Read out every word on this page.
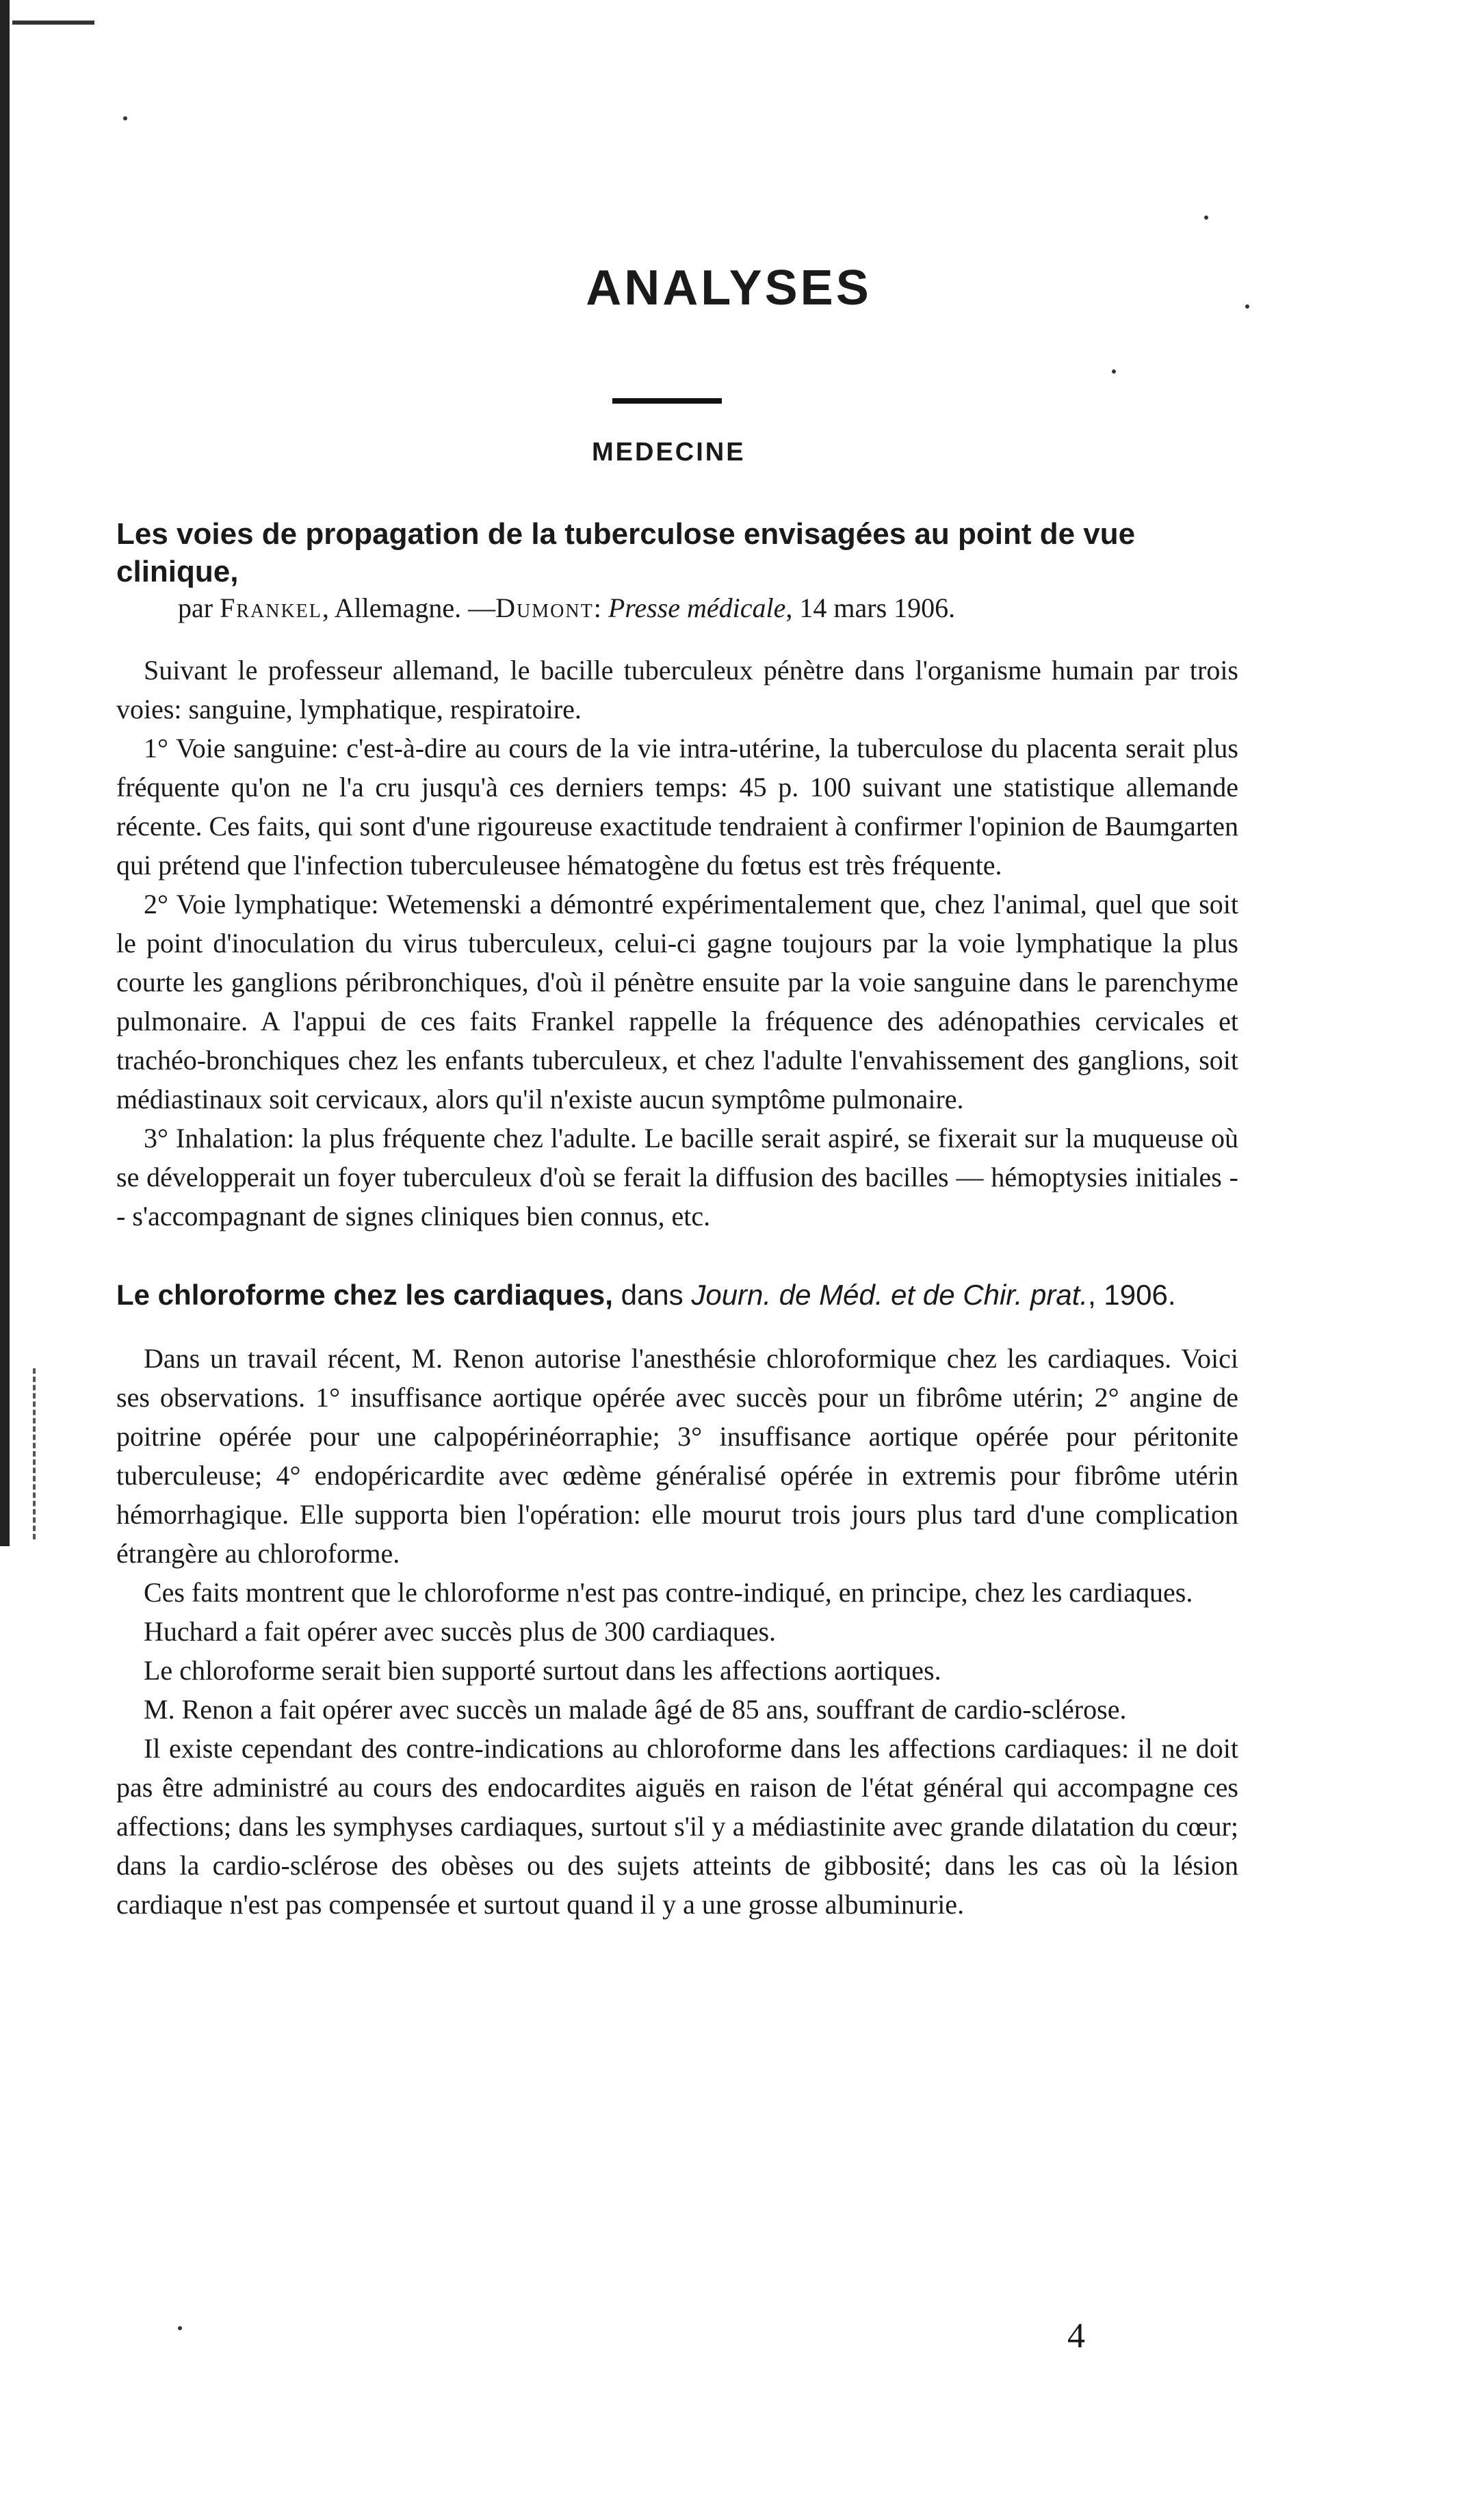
ANALYSES
MEDECINE
Les voies de propagation de la tuberculose envisagées au point de vue clinique,
par Frankel, Allemagne. —Dumont: Presse médicale, 14 mars 1906.

Suivant le professeur allemand, le bacille tuberculeux pénètre dans l'organisme humain par trois voies: sanguine, lymphatique, respiratoire.

1° Voie sanguine: c'est-à-dire au cours de la vie intra-utérine, la tuberculose du placenta serait plus fréquente qu'on ne l'a cru jusqu'à ces derniers temps: 45 p. 100 suivant une statistique allemande récente. Ces faits, qui sont d'une rigoureuse exactitude tendraient à confirmer l'opinion de Baumgarten qui prétend que l'infection tuberculeusee hématogène du fœtus est très fréquente.

2° Voie lymphatique: Wetemenski a démontré expérimentalement que, chez l'animal, quel que soit le point d'inoculation du virus tuberculeux, celui-ci gagne toujours par la voie lymphatique la plus courte les ganglions péribronchiques, d'où il pénètre ensuite par la voie sanguine dans le parenchyme pulmonaire. A l'appui de ces faits Frankel rappelle la fréquence des adénopathies cervicales et trachéo-bronchiques chez les enfants tuberculeux, et chez l'adulte l'envahissement des ganglions, soit médiastinaux soit cervicaux, alors qu'il n'existe aucun symptôme pulmonaire.

3° Inhalation: la plus fréquente chez l'adulte. Le bacille serait aspiré, se fixerait sur la muqueuse où se développerait un foyer tuberculeux d'où se ferait la diffusion des bacilles — hémoptysies initiales -- s'accompagnant de signes cliniques bien connus, etc.

Le chloroforme chez les cardiaques, dans Journ. de Méd. et de Chir. prat., 1906.

Dans un travail récent, M. Renon autorise l'anesthésie chloroformique chez les cardiaques. Voici ses observations. 1° insuffisance aortique opérée avec succès pour un fibrôme utérin; 2° angine de poitrine opérée pour une calpopérinéorraphie; 3° insuffisance aortique opérée pour péritonite tuberculeuse; 4° endopéricardite avec œdème généralisé opérée in extremis pour fibrôme utérin hémorrhagique. Elle supporta bien l'opération: elle mourut trois jours plus tard d'une complication étrangère au chloroforme.

Ces faits montrent que le chloroforme n'est pas contre-indiqué, en principe, chez les cardiaques.

Huchard a fait opérer avec succès plus de 300 cardiaques.

Le chloroforme serait bien supporté surtout dans les affections aortiques.

M. Renon a fait opérer avec succès un malade âgé de 85 ans, souffrant de cardio-sclérose.

Il existe cependant des contre-indications au chloroforme dans les affections cardiaques: il ne doit pas être administré au cours des endocardites aiguës en raison de l'état général qui accompagne ces affections; dans les symphyses cardiaques, surtout s'il y a médiastinite avec grande dilatation du cœur; dans la cardio-sclérose des obèses ou des sujets atteints de gibbosité; dans les cas où la lésion cardiaque n'est pas compensée et surtout quand il y a une grosse albuminurie.

4
